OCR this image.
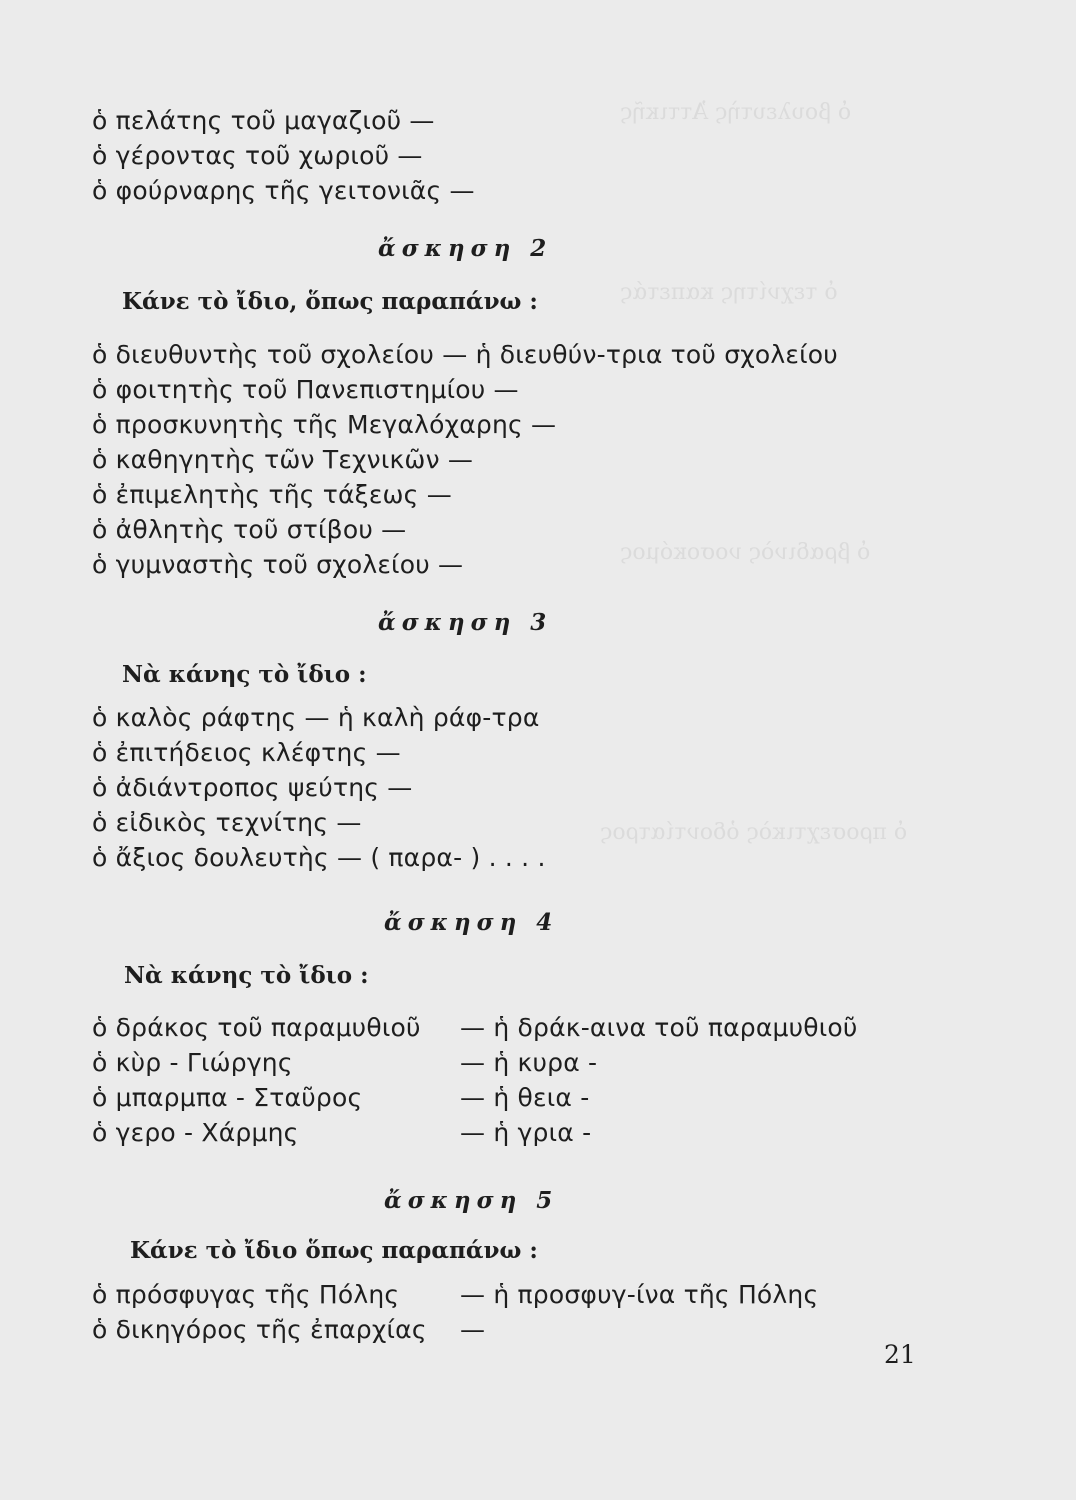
ὁ βουλευτὴς Ἀττικῆς
ὁ τεχνίτης καπετάς
ὁ βραδινὸς νοσοκόμος
ὁ προσεχτικὸς ὀδοντίατρος
ὁ πελάτης τοῦ μαγαζιοῦ —
ὁ γέροντας τοῦ χωριοῦ —
ὁ φούρναρης τῆς γειτονιᾶς —
ἄσκηση 2
Κάνε τὸ ἴδιο, ὅπως παραπάνω :
ὁ διευθυντὴς τοῦ σχολείου — ἡ διευθύν-τρια τοῦ σχολείου
ὁ φοιτητὴς τοῦ Πανεπιστημίου —
ὁ προσκυνητὴς τῆς Μεγαλόχαρης —
ὁ καθηγητὴς τῶν Τεχνικῶν —
ὁ ἐπιμελητὴς τῆς τάξεως —
ὁ ἀθλητὴς τοῦ στίβου —
ὁ γυμναστὴς τοῦ σχολείου —
ἄσκηση 3
Νὰ κάνης τὸ ἴδιο :
ὁ καλὸς ράφτης — ἡ καλὴ ράφ-τρα
ὁ ἐπιτήδειος κλέφτης —
ὁ ἀδιάντροπος ψεύτης —
ὁ εἰδικὸς τεχνίτης —
ὁ ἄξιος δουλευτὴς — ( παρα- ) . . . .
ἄσκηση 4
Νὰ κάνης τὸ ἴδιο :
ὁ δράκος τοῦ παραμυθιοῦ — ἡ δράκ-αινα τοῦ παραμυθιοῦ
ὁ κὺρ - Γιώργης	— ἡ κυρα -
ὁ μπαρμπα - Σταῦρος	— ἡ θεια -
ὁ γερο - Χάρμης	— ἡ γρια -
ἄσκηση 5
Κάνε τὸ ἴδιο ὅπως παραπάνω :
ὁ πρόσφυγας τῆς Πόλης — ἡ προσφυγ-ίνα τῆς Πόλης
ὁ δικηγόρος τῆς ἐπαρχίας —
21
